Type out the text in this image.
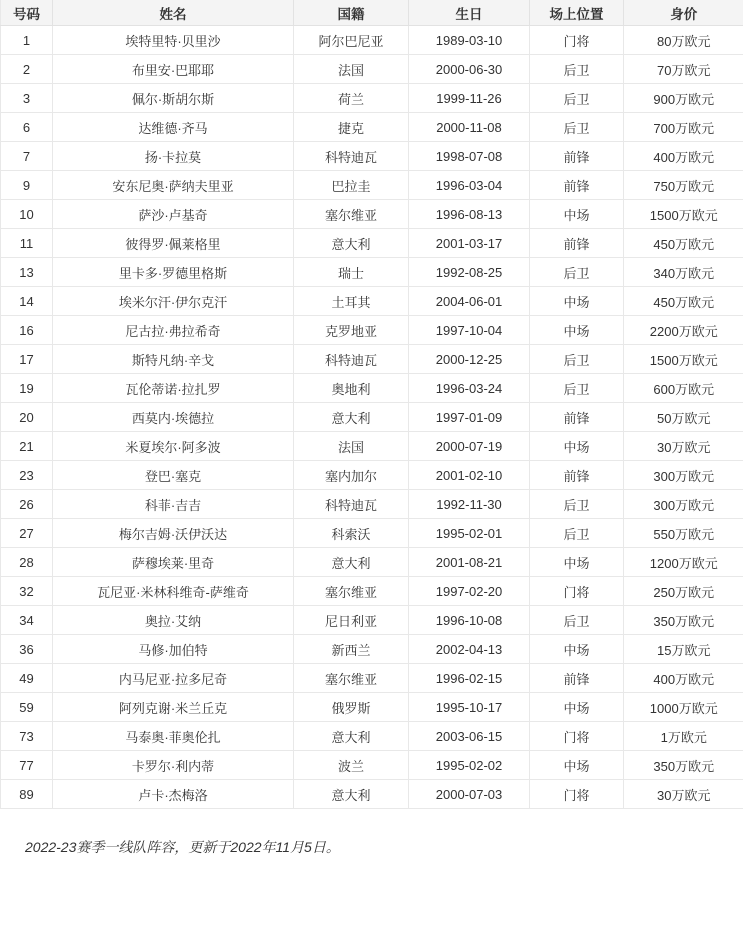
号码	姓名	国籍	生日	场上位置	身价
1	埃特里特·贝里沙	阿尔巴尼亚	1989-03-10	门将	80万欧元
2	布里安·巴耶耶	法国	2000-06-30	后卫	70万欧元
3	佩尔·斯胡尔斯	荷兰	1999-11-26	后卫	900万欧元
6	达维德·齐马	捷克	2000-11-08	后卫	700万欧元
7	扬·卡拉莫	科特迪瓦	1998-07-08	前锋	400万欧元
9	安东尼奥·萨纳夫里亚	巴拉圭	1996-03-04	前锋	750万欧元
10	萨沙·卢基奇	塞尔维亚	1996-08-13	中场	1500万欧元
11	彼得罗·佩莱格里	意大利	2001-03-17	前锋	450万欧元
13	里卡多·罗德里格斯	瑞士	1992-08-25	后卫	340万欧元
14	埃米尔汗·伊尔克汗	土耳其	2004-06-01	中场	450万欧元
16	尼古拉·弗拉希奇	克罗地亚	1997-10-04	中场	2200万欧元
17	斯特凡纳·辛戈	科特迪瓦	2000-12-25	后卫	1500万欧元
19	瓦伦蒂诺·拉扎罗	奥地利	1996-03-24	后卫	600万欧元
20	西莫内·埃德拉	意大利	1997-01-09	前锋	50万欧元
21	米夏埃尔·阿多波	法国	2000-07-19	中场	30万欧元
23	登巴·塞克	塞内加尔	2001-02-10	前锋	300万欧元
26	科菲·吉吉	科特迪瓦	1992-11-30	后卫	300万欧元
27	梅尔吉姆·沃伊沃达	科索沃	1995-02-01	后卫	550万欧元
28	萨穆埃莱·里奇	意大利	2001-08-21	中场	1200万欧元
32	瓦尼亚·米林科维奇-萨维奇	塞尔维亚	1997-02-20	门将	250万欧元
34	奥拉·艾纳	尼日利亚	1996-10-08	后卫	350万欧元
36	马修·加伯特	新西兰	2002-04-13	中场	15万欧元
49	内马尼亚·拉多尼奇	塞尔维亚	1996-02-15	前锋	400万欧元
59	阿列克谢·米兰丘克	俄罗斯	1995-10-17	中场	1000万欧元
73	马泰奥·菲奥伦扎	意大利	2003-06-15	门将	1万欧元
77	卡罗尔·利内蒂	波兰	1995-02-02	中场	350万欧元
89	卢卡·杰梅洛	意大利	2000-07-03	门将	30万欧元

2022-23赛季一线队阵容，更新于2022年11月5日。
